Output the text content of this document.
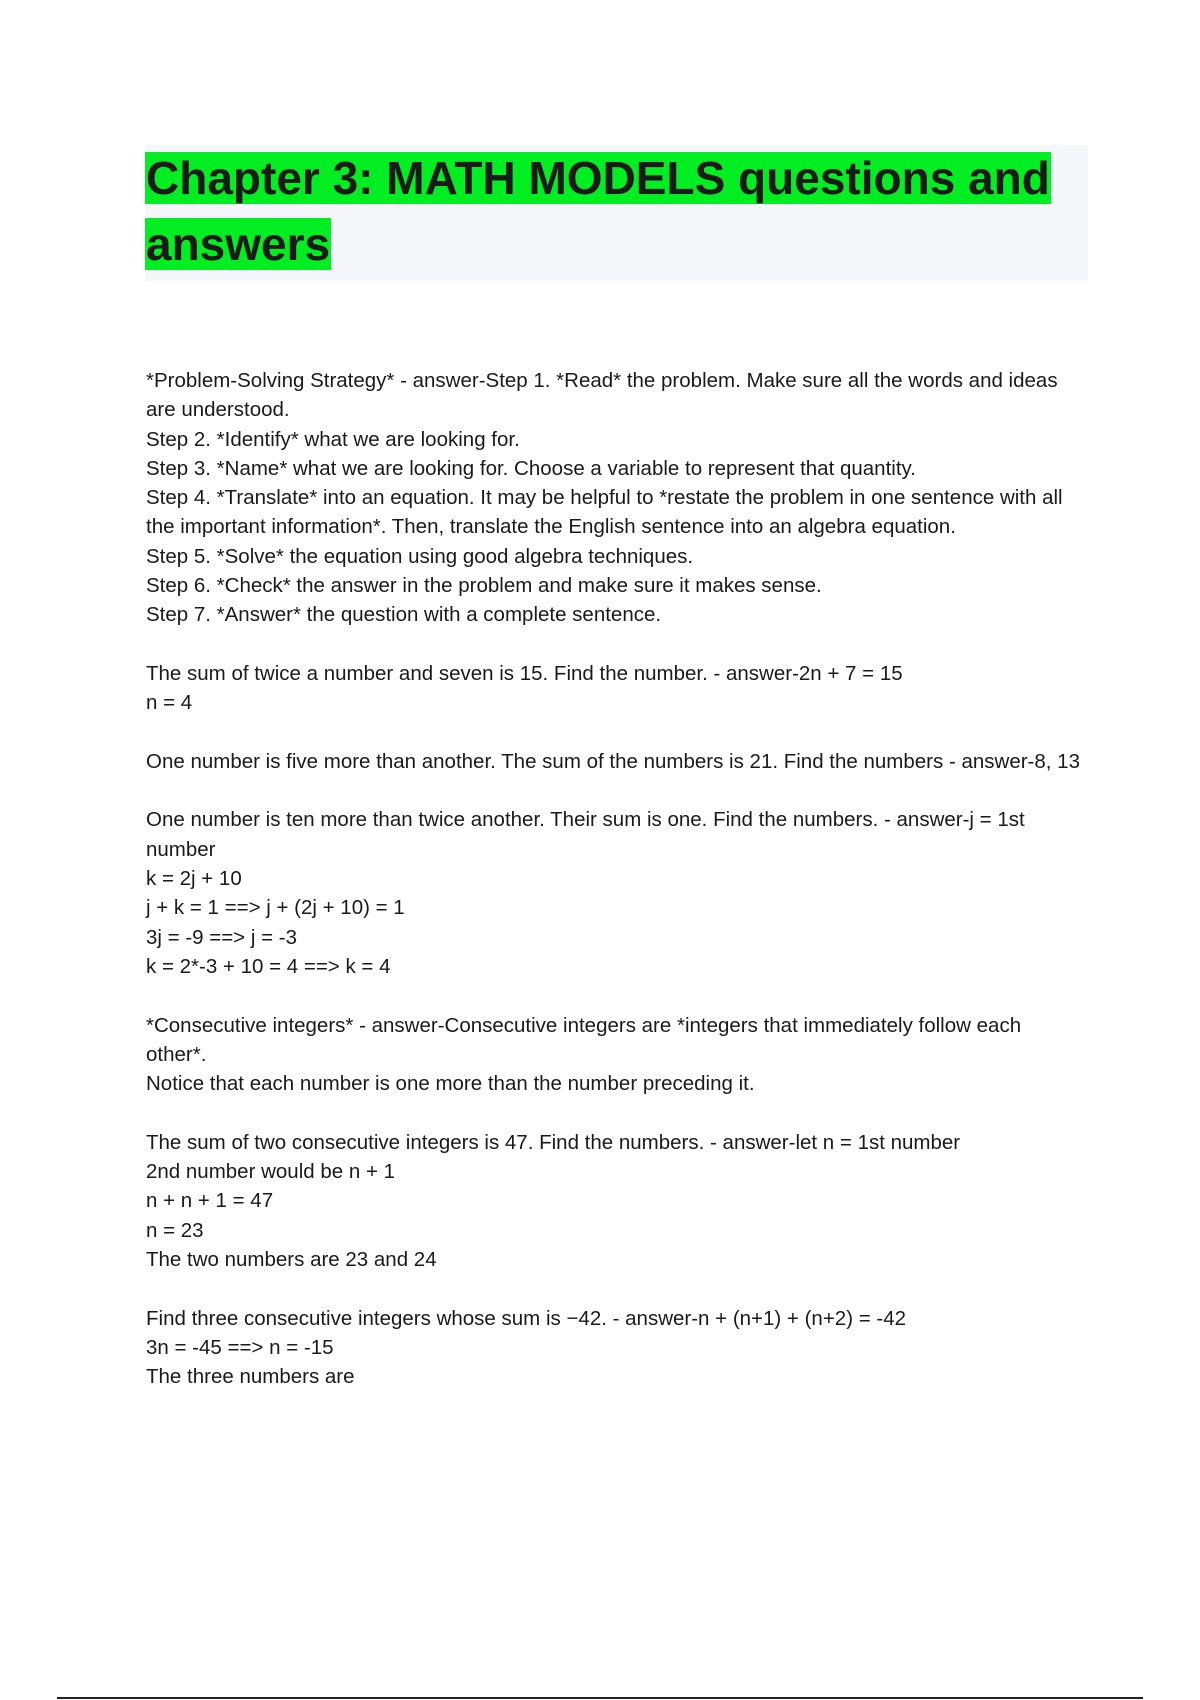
Chapter 3: MATH MODELS questions and answers
*Problem-Solving Strategy* - answer-Step 1. *Read* the problem. Make sure all the words and ideas are understood.
Step 2. *Identify* what we are looking for.
Step 3. *Name* what we are looking for. Choose a variable to represent that quantity.
Step 4. *Translate* into an equation. It may be helpful to *restate the problem in one sentence with all the important information*. Then, translate the English sentence into an algebra equation.
Step 5. *Solve* the equation using good algebra techniques.
Step 6. *Check* the answer in the problem and make sure it makes sense.
Step 7. *Answer* the question with a complete sentence.
The sum of twice a number and seven is 15. Find the number. - answer-2n + 7 = 15
n = 4
One number is five more than another. The sum of the numbers is 21. Find the numbers - answer-8, 13
One number is ten more than twice another. Their sum is one. Find the numbers. - answer-j = 1st number
k = 2j + 10
j + k = 1 ==> j + (2j + 10) = 1
3j = -9 ==> j = -3
k = 2*-3 + 10 = 4 ==> k = 4
*Consecutive integers* - answer-Consecutive integers are *integers that immediately follow each other*.
Notice that each number is one more than the number preceding it.
The sum of two consecutive integers is 47. Find the numbers. - answer-let n = 1st number
2nd number would be n + 1
n + n + 1 = 47
n = 23
The two numbers are 23 and 24
Find three consecutive integers whose sum is −42. - answer-n + (n+1) + (n+2) = -42
3n = -45 ==> n = -15
The three numbers are
